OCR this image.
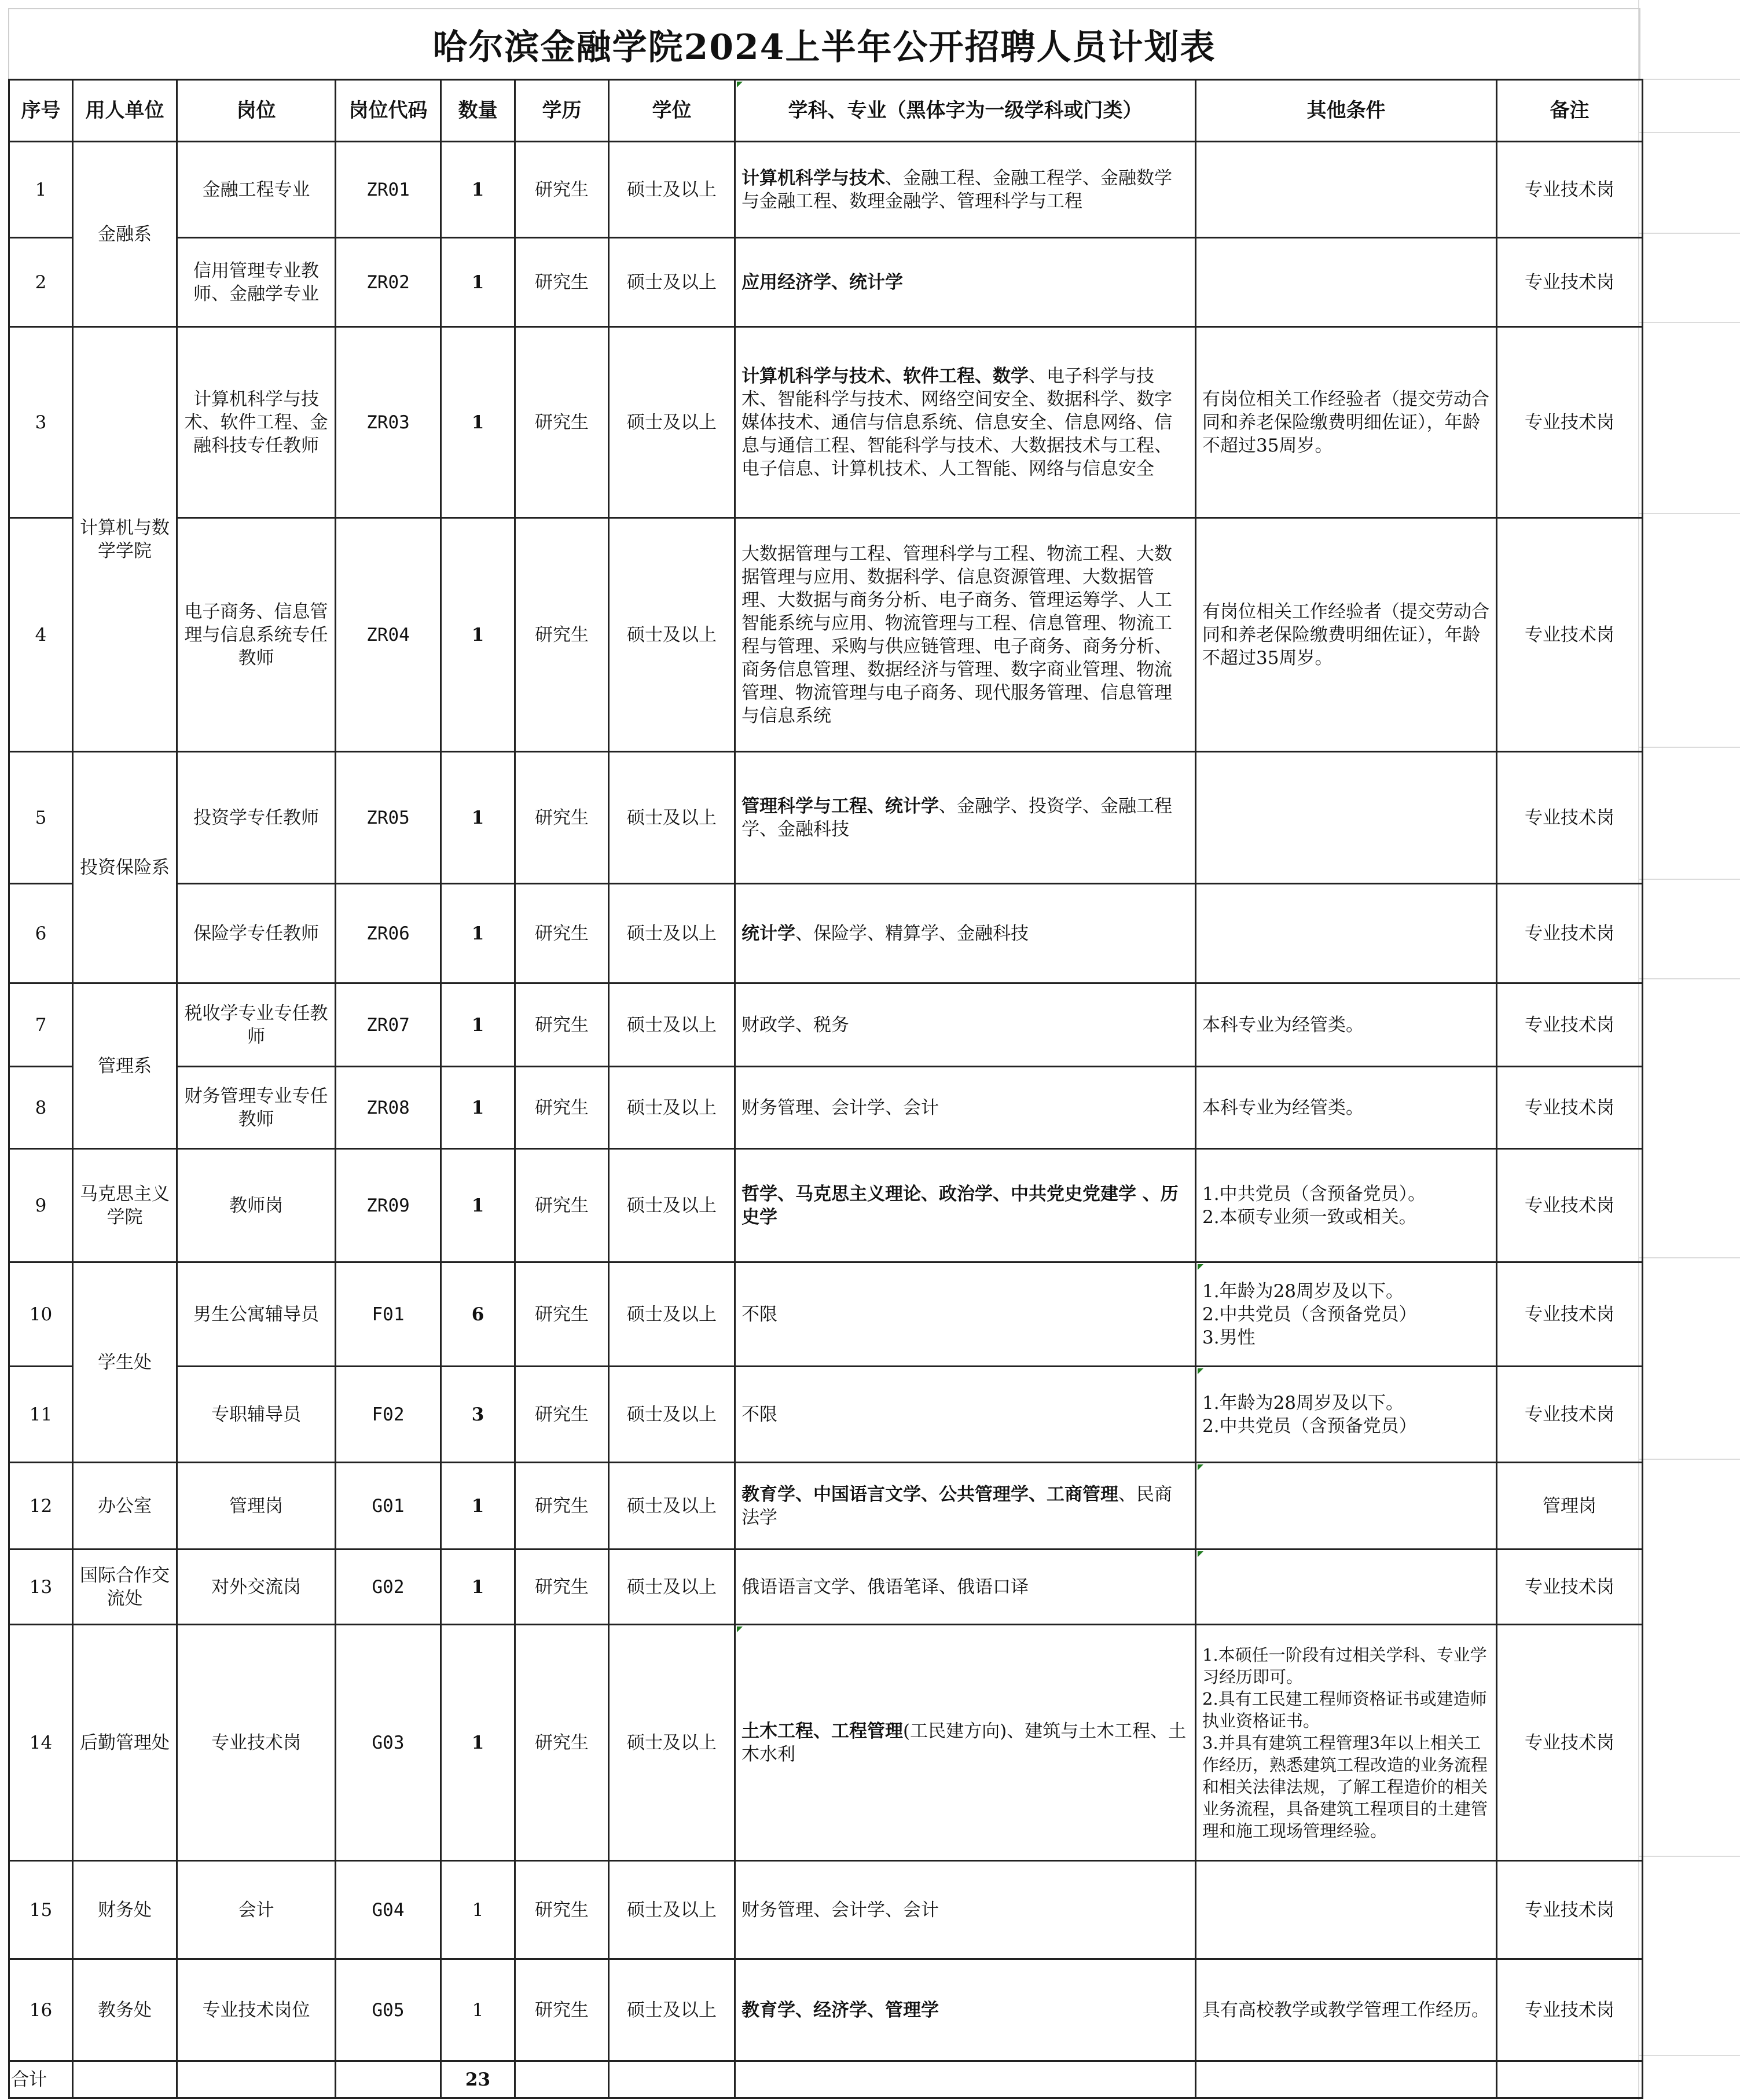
哈尔滨金融学院2024上半年公开招聘人员计划表
序号	用人单位	岗位	岗位代码	数量	学历	学位	学科、专业（黑体字为一级学科或门类）	其他条件	备注
1	金融系	金融工程专业	ZR01	1	研究生	硕士及以上	计算机科学与技术、金融工程、金融工程学、金融数学与金融工程、数理金融学、管理科学与工程		专业技术岗
2		信用管理专业教师、金融学专业	ZR02	1	研究生	硕士及以上	应用经济学、统计学		专业技术岗
3	计算机与数学学院	计算机科学与技术、软件工程、金融科技专任教师	ZR03	1	研究生	硕士及以上	计算机科学与技术、软件工程、数学、电子科学与技术、智能科学与技术、网络空间安全、数据科学、数字媒体技术、通信与信息系统、信息安全、信息网络、信息与通信工程、智能科学与技术、大数据技术与工程、电子信息、计算机技术、人工智能、网络与信息安全	有岗位相关工作经验者（提交劳动合同和养老保险缴费明细佐证），年龄不超过35周岁。	专业技术岗
4		电子商务、信息管理与信息系统专任教师	ZR04	1	研究生	硕士及以上	大数据管理与工程、管理科学与工程、物流工程、大数据管理与应用、数据科学、信息资源管理、大数据管理、大数据与商务分析、电子商务、管理运筹学、人工智能系统与应用、物流管理与工程、信息管理、物流工程与管理、采购与供应链管理、电子商务、商务分析、商务信息管理、数据经济与管理、数字商业管理、物流管理、物流管理与电子商务、现代服务管理、信息管理与信息系统	有岗位相关工作经验者（提交劳动合同和养老保险缴费明细佐证），年龄不超过35周岁。	专业技术岗
5	投资保险系	投资学专任教师	ZR05	1	研究生	硕士及以上	管理科学与工程、统计学、金融学、投资学、金融工程学、金融科技		专业技术岗
6		保险学专任教师	ZR06	1	研究生	硕士及以上	统计学、保险学、精算学、金融科技		专业技术岗
7	管理系	税收学专业专任教师	ZR07	1	研究生	硕士及以上	财政学、税务	本科专业为经管类。	专业技术岗
8		财务管理专业专任教师	ZR08	1	研究生	硕士及以上	财务管理、会计学、会计	本科专业为经管类。	专业技术岗
9	马克思主义学院	教师岗	ZR09	1	研究生	硕士及以上	哲学、马克思主义理论、政治学、中共党史党建学 、历史学	1.中共党员（含预备党员）。
2.本硕专业须一致或相关。	专业技术岗
10	学生处	男生公寓辅导员	F01	6	研究生	硕士及以上	不限	1.年龄为28周岁及以下。
2.中共党员（含预备党员）
3.男性	专业技术岗
11		专职辅导员	F02	3	研究生	硕士及以上	不限	1.年龄为28周岁及以下。
2.中共党员（含预备党员）	专业技术岗
12	办公室	管理岗	G01	1	研究生	硕士及以上	教育学、中国语言文学、公共管理学、工商管理、民商法学		管理岗
13	国际合作交流处	对外交流岗	G02	1	研究生	硕士及以上	俄语语言文学、俄语笔译、俄语口译		专业技术岗
14	后勤管理处	专业技术岗	G03	1	研究生	硕士及以上	土木工程、工程管理(工民建方向)、建筑与土木工程、土木水利	1.本硕任一阶段有过相关学科、专业学习经历即可。
2.具有工民建工程师资格证书或建造师执业资格证书。
3.并具有建筑工程管理3年以上相关工作经历，熟悉建筑工程改造的业务流程和相关法律法规，了解工程造价的相关业务流程，具备建筑工程项目的土建管理和施工现场管理经验。	专业技术岗
15	财务处	会计	G04	1	研究生	硕士及以上	财务管理、会计学、会计		专业技术岗
16	教务处	专业技术岗位	G05	1	研究生	硕士及以上	教育学、经济学、管理学	具有高校教学或教学管理工作经历。	专业技术岗
合计				23					
